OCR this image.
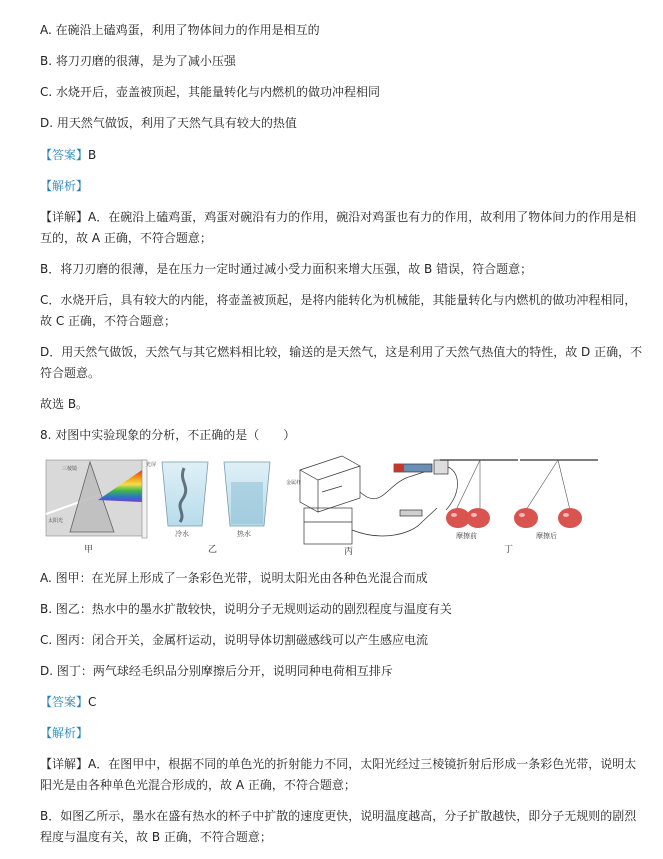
A. 在碗沿上磕鸡蛋，利用了物体间力的作用是相互的
B. 将刀刃磨的很薄，是为了减小压强
C. 水烧开后，壶盖被顶起，其能量转化与内燃机的做功冲程相同
D. 用天然气做饭，利用了天然气具有较大的热值
【答案】B
【解析】
【详解】A．在碗沿上磕鸡蛋，鸡蛋对碗沿有力的作用，碗沿对鸡蛋也有力的作用，故利用了物体间力的作用是相
互的，故 A 正确，不符合题意；
B．将刀刃磨的很薄，是在压力一定时通过减小受力面积来增大压强，故 B 错误，符合题意；
C．水烧开后，具有较大的内能，将壶盖被顶起，是将内能转化为机械能，其能量转化与内燃机的做功冲程相同，
故 C 正确，不符合题意；
D．用天然气做饭，天然气与其它燃料相比较，输送的是天然气，这是利用了天然气热值大的特性，故 D 正确，不
符合题意。
故选 B。
8. 对图中实验现象的分析，不正确的是（　　）
三棱镜
太阳光
光屏
甲
冷水	热水
乙
金属杆
丙
摩擦前	摩擦后
丁
A. 图甲：在光屏上形成了一条彩色光带，说明太阳光由各种色光混合而成
B. 图乙：热水中的墨水扩散较快，说明分子无规则运动的剧烈程度与温度有关
C. 图丙：闭合开关，金属杆运动，说明导体切割磁感线可以产生感应电流
D. 图丁：两气球经毛织品分别摩擦后分开，说明同种电荷相互排斥
【答案】C
【解析】
【详解】A．在图甲中，根据不同的单色光的折射能力不同，太阳光经过三棱镜折射后形成一条彩色光带，说明太
阳光是由各种单色光混合形成的，故 A 正确，不符合题意；
B．如图乙所示，墨水在盛有热水的杯子中扩散的速度更快，说明温度越高，分子扩散越快，即分子无规则的剧烈
程度与温度有关，故 B 正确，不符合题意；
